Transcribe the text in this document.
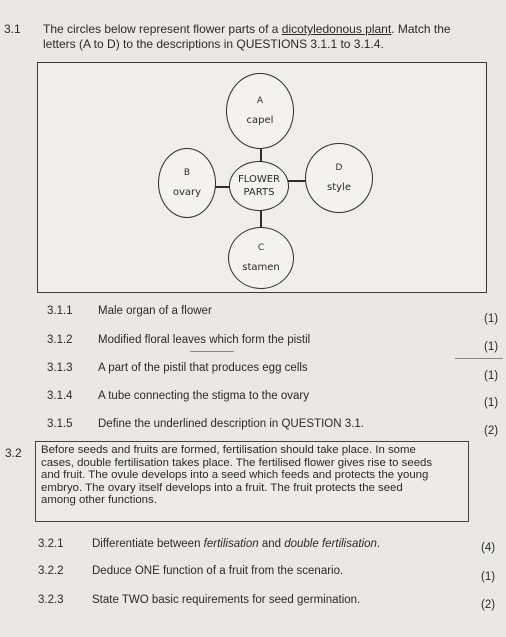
3.1 The circles below represent flower parts of a dicotyledonous plant. Match the
letters (A to D) to the descriptions in QUESTIONS 3.1.1 to 3.1.4.
A
capel
B
ovary
FLOWER
PARTS
D
style
C
stamen
3.1.1 Male organ of a flower
(1)
3.1.2 Modified floral leaves which form the pistil
(1)
3.1.3 A part of the pistil that produces egg cells
(1)
3.1.4 A tube connecting the stigma to the ovary
(1)
3.1.5 Define the underlined description in QUESTION 3.1.
(2)
3.2 Before seeds and fruits are formed, fertilisation should take place. In some
cases, double fertilisation takes place. The fertilised flower gives rise to seeds
and fruit. The ovule develops into a seed which feeds and protects the young
embryo. The ovary itself develops into a fruit. The fruit protects the seed
among other functions.
3.2.1 Differentiate between fertilisation and double fertilisation.	(4)
3.2.2 Deduce ONE function of a fruit from the scenario.	(1)
3.2.3 State TWO basic requirements for seed germination.	(2)
